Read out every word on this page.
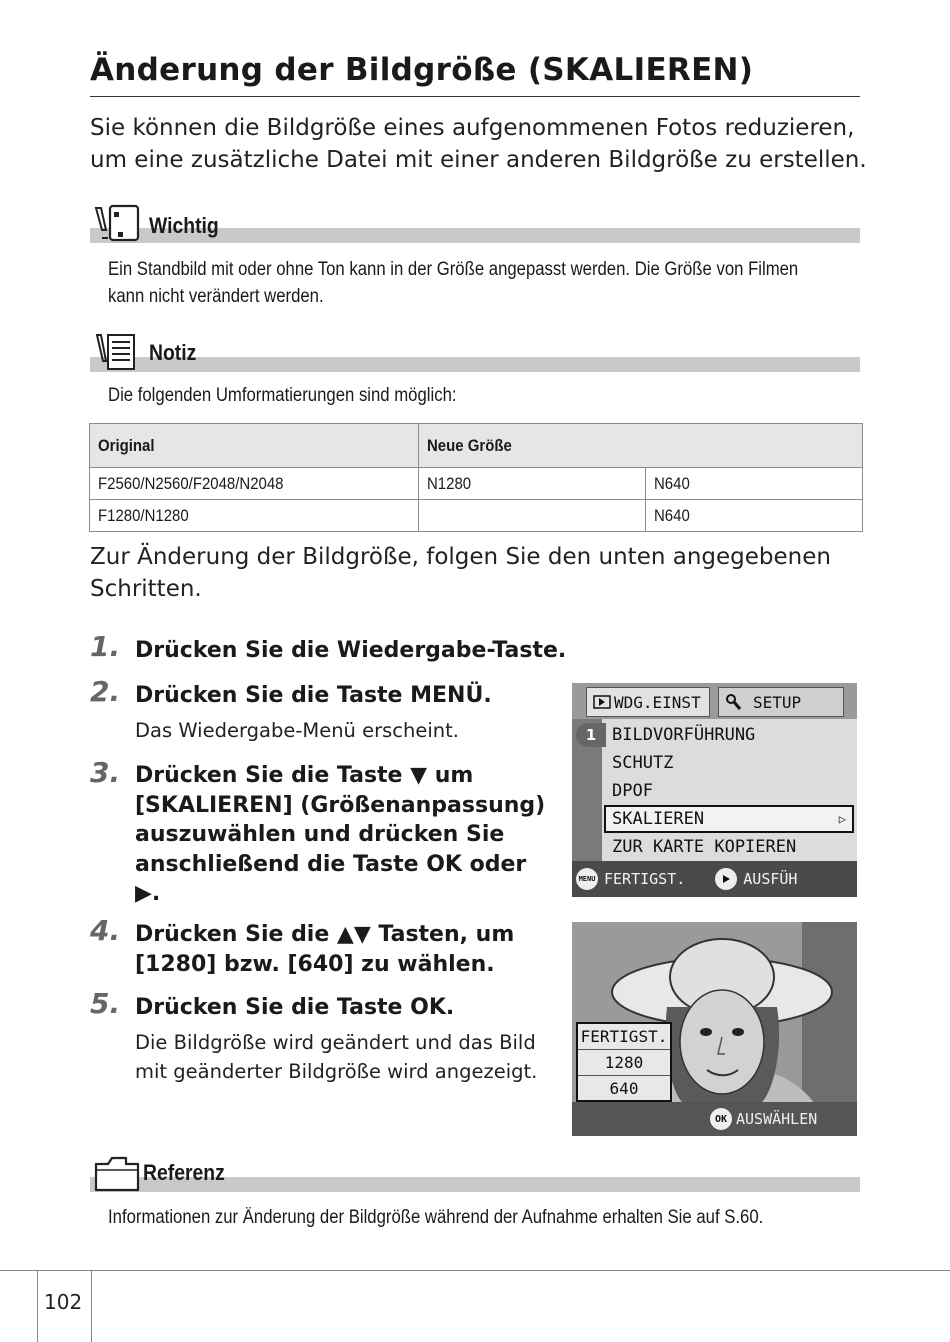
Änderung der Bildgröße (SKALIEREN)
Sie können die Bildgröße eines aufgenommenen Fotos reduzieren,
um eine zusätzliche Datei mit einer anderen Bildgröße zu erstellen.
Wichtig
Ein Standbild mit oder ohne Ton kann in der Größe angepasst werden. Die Größe von Filmen
kann nicht verändert werden.
Notiz
Die folgenden Umformatierungen sind möglich:
Original	Neue Größe	
F2560/N2560/F2048/N2048	N1280	N640
F1280/N1280		N640
Zur Änderung der Bildgröße, folgen Sie den unten angegebenen
Schritten.
1. Drücken Sie die Wiedergabe-Taste.
2. Drücken Sie die Taste MENÜ.
Das Wiedergabe-Menü erscheint.
3. Drücken Sie die Taste ▼ um
[SKALIEREN] (Größenanpassung)
auszuwählen und drücken Sie
anschließend die Taste OK oder
▶.
4. Drücken Sie die ▲▼ Tasten, um
[1280] bzw. [640] zu wählen.
5. Drücken Sie die Taste OK.
Die Bildgröße wird geändert und das Bild
mit geänderter Bildgröße wird angezeigt.
WDG.EINST	SETUP
1 BILDVORFÜHRUNG
SCHUTZ
DPOF
SKALIEREN	▷
ZUR KARTE KOPIEREN
MENU FERTIGST.	AUSFÜH
FERTIGST.
1280
640
OK AUSWÄHLEN
Referenz
Informationen zur Änderung der Bildgröße während der Aufnahme erhalten Sie auf S.60.
102
